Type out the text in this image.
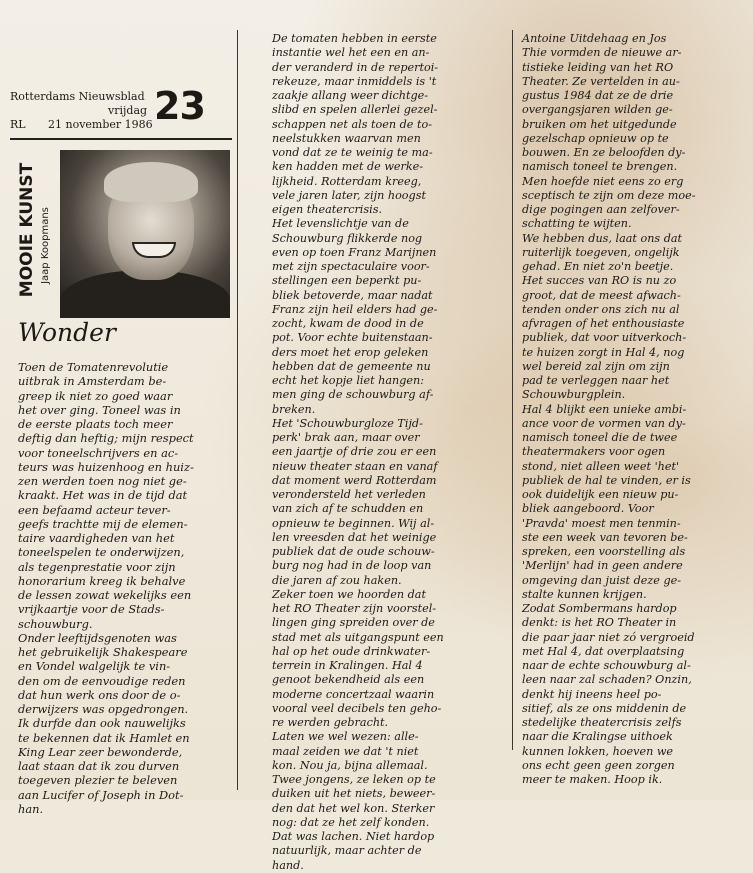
Rotterdams Nieuwsblad
vrijdag
RL 21 november 1986 23
MOOIE KUNST Jaap Koopmans
Wonder
Toen de Tomatenrevolutie
uitbrak in Amsterdam be-
greep ik niet zo goed waar
het over ging. Toneel was in
de eerste plaats toch meer
deftig dan heftig; mijn respect
voor toneelschrijvers en ac-
teurs was huizenhoog en huiz-
zen werden toen nog niet ge-
kraakt. Het was in de tijd dat
een befaamd acteur tever-
geefs trachtte mij de elemen-
taire vaardigheden van het
toneelspelen te onderwijzen,
als tegenprestatie voor zijn
honorarium kreeg ik behalve
de lessen zowat wekelijks een
vrijkaartje voor de Stads-
schouwburg.
Onder leeftijdsgenoten was
het gebruikelijk Shakespeare
en Vondel walgelijk te vin-
den om de eenvoudige reden
dat hun werk ons door de o-
derwijzers was opgedrongen.
Ik durfde dan ook nauwelijks
te bekennen dat ik Hamlet en
King Lear zeer bewonderde,
laat staan dat ik zou durven
toegeven plezier te beleven
aan Lucifer of Joseph in Dot-
han.
De tomaten hebben in eerste
instantie wel het een en an-
der veranderd in de repertoi-
rekeuze, maar inmiddels is 't
zaakje allang weer dichtge-
slibd en spelen allerlei gezel-
schappen net als toen de to-
neelstukken waarvan men
vond dat ze te weinig te ma-
ken hadden met de werke-
lijkheid. Rotterdam kreeg,
vele jaren later, zijn hoogst
eigen theatercrisis.
Het levenslichtje van de
Schouwburg flikkerde nog
even op toen Franz Marijnen
met zijn spectaculaire voor-
stellingen een beperkt pu-
bliek betoverde, maar nadat
Franz zijn heil elders had ge-
zocht, kwam de dood in de
pot. Voor echte buitenstaan-
ders moet het erop geleken
hebben dat de gemeente nu
echt het kopje liet hangen:
men ging de schouwburg af-
breken.
Het 'Schouwburgloze Tijd-
perk' brak aan, maar over
een jaartje of drie zou er een
nieuw theater staan en vanaf
dat moment werd Rotterdam
verondersteld het verleden
van zich af te schudden en
opnieuw te beginnen. Wij al-
len vreesden dat het weinige
publiek dat de oude schouw-
burg nog had in de loop van
die jaren af zou haken.
Zeker toen we hoorden dat
het RO Theater zijn voorstel-
lingen ging spreiden over de
stad met als uitgangspunt een
hal op het oude drinkwater-
terrein in Kralingen. Hal 4
genoot bekendheid als een
moderne concertzaal waarin
vooral veel decibels ten geho-
re werden gebracht.
Laten we wel wezen: alle-
maal zeiden we dat 't niet
kon. Nou ja, bijna allemaal.
Twee jongens, ze leken op te
duiken uit het niets, beweer-
den dat het wel kon. Sterker
nog: dat ze het zelf konden.
Dat was lachen. Niet hardop
natuurlijk, maar achter de
hand.
Antoine Uitdehaag en Jos
Thie vormden de nieuwe ar-
tistieke leiding van het RO
Theater. Ze vertelden in au-
gustus 1984 dat ze de drie
overgangsjaren wilden ge-
bruiken om het uitgedunde
gezelschap opnieuw op te
bouwen. En ze beloofden dy-
namisch toneel te brengen.
Men hoefde niet eens zo erg
sceptisch te zijn om deze moe-
dige pogingen aan zelfover-
schatting te wijten.
We hebben dus, laat ons dat
ruiterlijk toegeven, ongelijk
gehad. En niet zo'n beetje.
Het succes van RO is nu zo
groot, dat de meest afwach-
tenden onder ons zich nu al
afvragen of het enthousiaste
publiek, dat voor uitverkoch-
te huizen zorgt in Hal 4, nog
wel bereid zal zijn om zijn
pad te verleggen naar het
Schouwburgplein.
Hal 4 blijkt een unieke ambi-
ance voor de vormen van dy-
namisch toneel die de twee
theatermakers voor ogen
stond, niet alleen weet 'het'
publiek de hal te vinden, er is
ook duidelijk een nieuw pu-
bliek aangeboord. Voor
'Pravda' moest men tenmin-
ste een week van tevoren be-
spreken, een voorstelling als
'Merlijn' had in geen andere
omgeving dan juist deze ge-
stalte kunnen krijgen.
Zodat Sombermans hardop
denkt: is het RO Theater in
die paar jaar niet zó vergroeid
met Hal 4, dat overplaatsing
naar de echte schouwburg al-
leen naar zal schaden? Onzin,
denkt hij ineens heel po-
sitief, als ze ons middenin de
stedelijke theatercrisis zelfs
naar die Kralingse uithoek
kunnen lokken, hoeven we
ons echt geen geen zorgen
meer te maken. Hoop ik.
